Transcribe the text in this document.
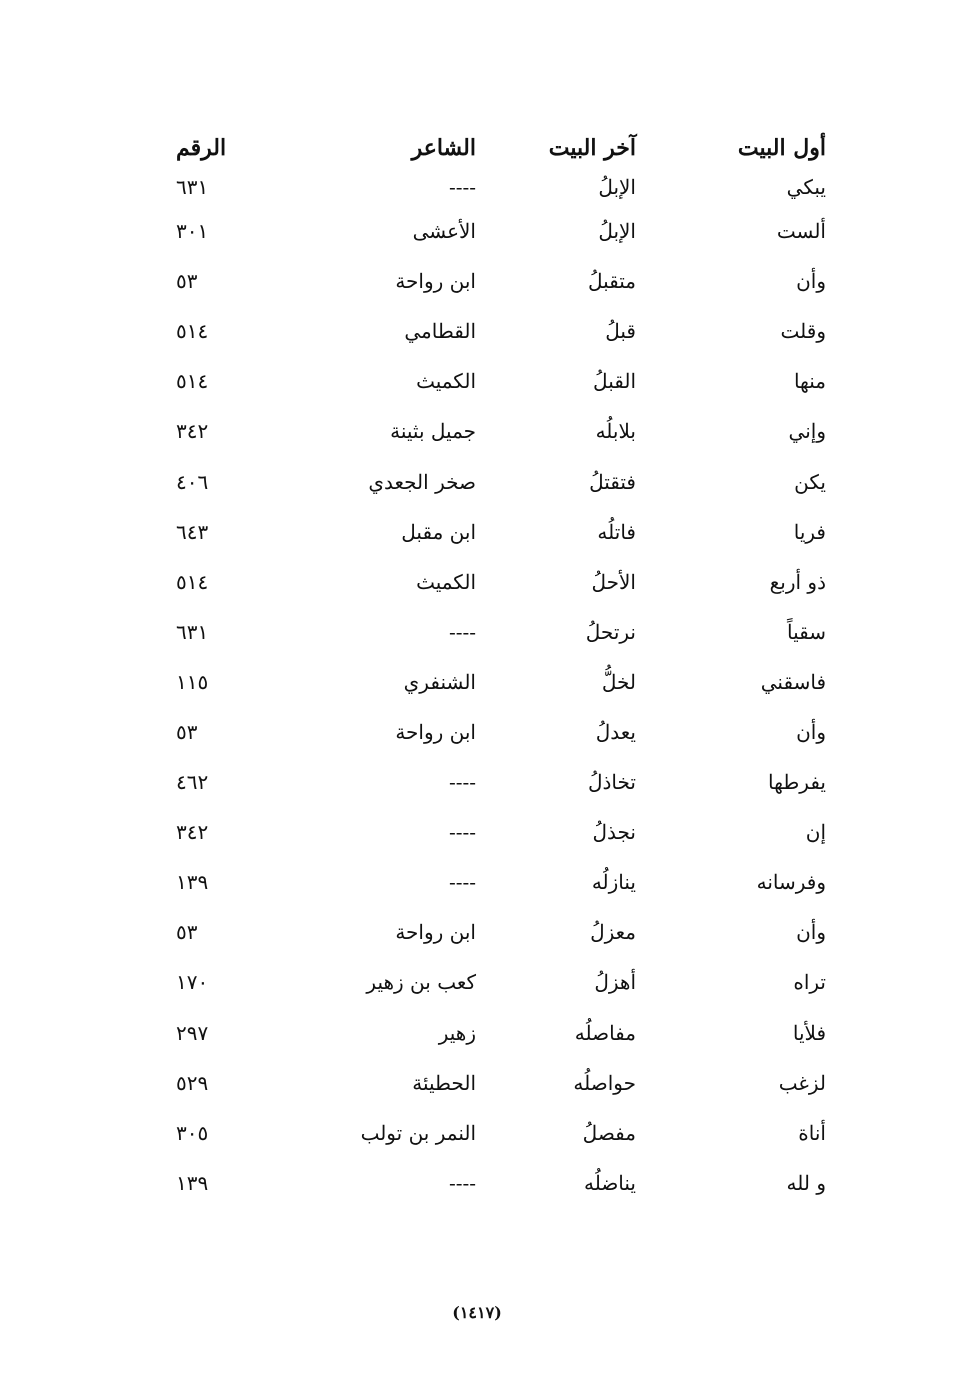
أول البيت	آخر البيت	الشاعر	الرقم
يبكي	الإبلُ	----	٦٣١
ألست	الإبلُ	الأعشى	٣٠١
وأن	متقبلُ	ابن رواحة	٥٣
وقلت	قبلُ	القطامي	٥١٤
منها	القبلُ	الكميث	٥١٤
وإني	بلابلُه	جميل بثينة	٣٤٢
يكن	فتقتلُ	صخر الجعدي	٤٠٦
فريا	فاتلُه	ابن مقبل	٦٤٣
ذو أربع	الأحلُ	الكميث	٥١٤
سقياً	نرتحلُ	----	٦٣١
فاسقني	لخلُّ	الشنفري	١١٥
وأن	يعدلُ	ابن رواحة	٥٣
يفرطها	تخاذلُ	----	٤٦٢
إن	نجذلُ	----	٣٤٢
وفرسانه	ينازلُه	----	١٣٩
وأن	معزلُ	ابن رواحة	٥٣
تراه	أهزلُ	كعب بن زهير	١٧٠
فلأيا	مفاصلُه	زهير	٢٩٧
لزغب	حواصلُه	الحطيئة	٥٢٩
أناة	مفصلُ	النمر بن تولب	٣٠٥
و لله	يناضلُه	----	١٣٩
(١٤١٧)
